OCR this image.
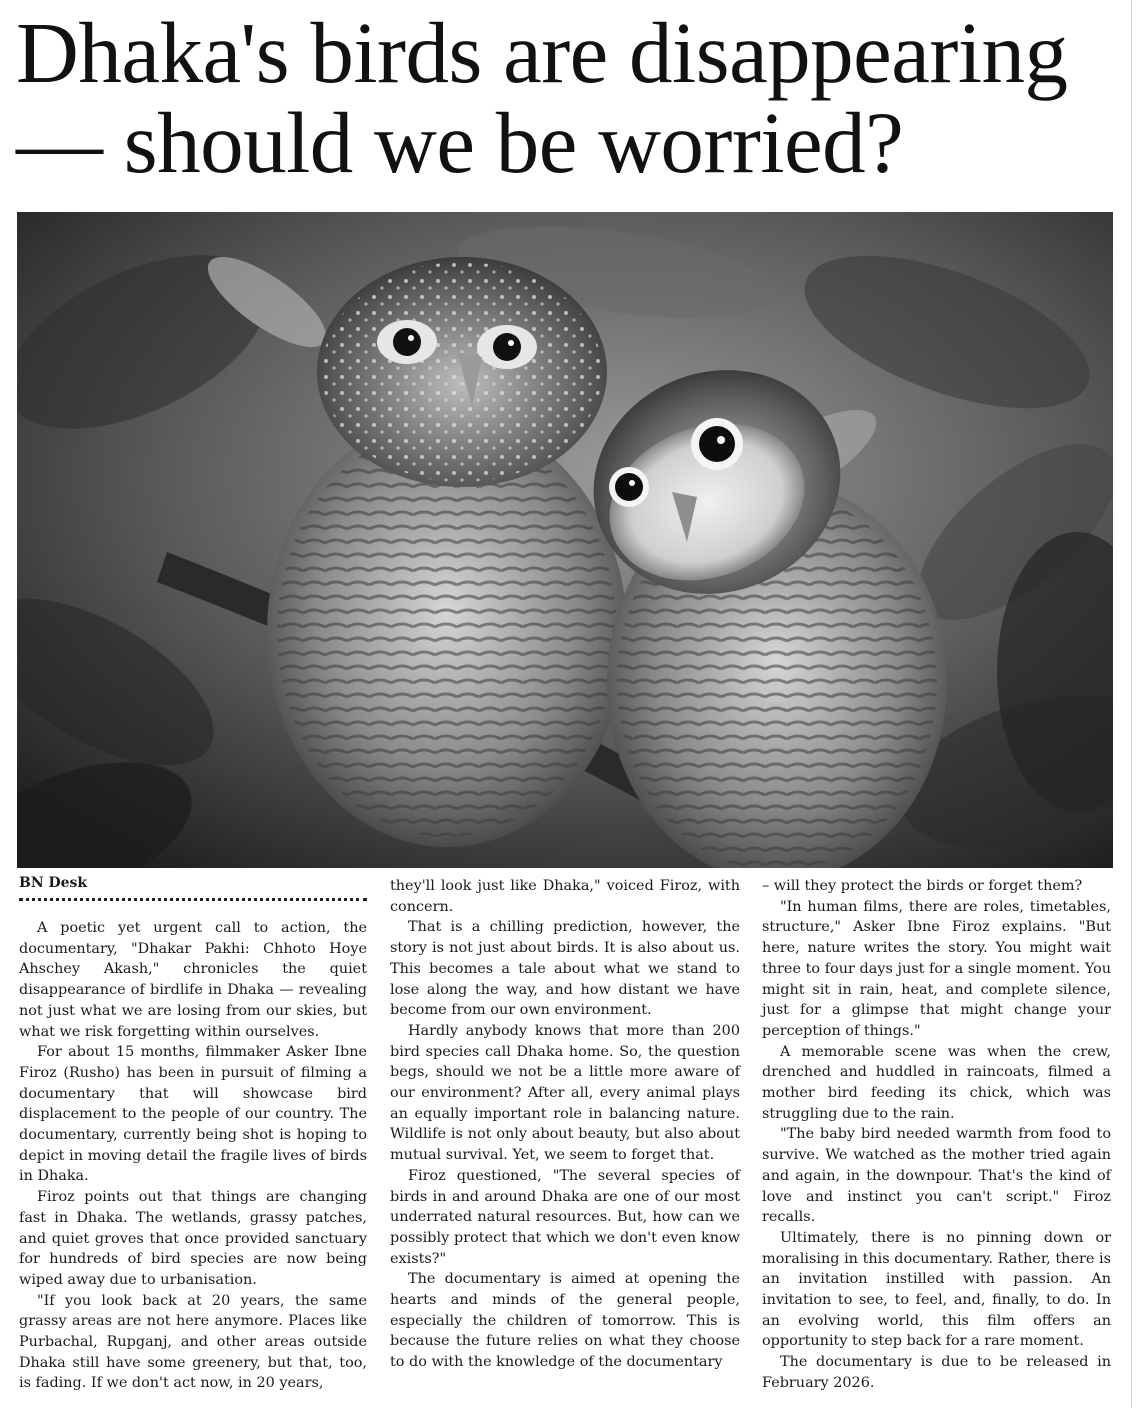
Dhaka's birds are disappearing — should we be worried?
BN Desk

A poetic yet urgent call to action, the documentary, "Dhakar Pakhi: Chhoto Hoye Ahschey Akash," chronicles the quiet disappearance of birdlife in Dhaka — revealing not just what we are losing from our skies, but what we risk forgetting within ourselves.

For about 15 months, filmmaker Asker Ibne Firoz (Rusho) has been in pursuit of filming a documentary that will showcase bird displacement to the people of our country. The documentary, currently being shot is hoping to depict in moving detail the fragile lives of birds in Dhaka.

Firoz points out that things are changing fast in Dhaka. The wetlands, grassy patches, and quiet groves that once provided sanctuary for hundreds of bird species are now being wiped away due to urbanisation.

"If you look back at 20 years, the same grassy areas are not here anymore. Places like Purbachal, Rupganj, and other areas outside Dhaka still have some greenery, but that, too, is fading. If we don't act now, in 20 years,

they'll look just like Dhaka," voiced Firoz, with concern.

That is a chilling prediction, however, the story is not just about birds. It is also about us. This becomes a tale about what we stand to lose along the way, and how distant we have become from our own environment.

Hardly anybody knows that more than 200 bird species call Dhaka home. So, the question begs, should we not be a little more aware of our environment? After all, every animal plays an equally important role in balancing nature. Wildlife is not only about beauty, but also about mutual survival. Yet, we seem to forget that.

Firoz questioned, "The several species of birds in and around Dhaka are one of our most underrated natural resources. But, how can we possibly protect that which we don't even know exists?"

The documentary is aimed at opening the hearts and minds of the general people, especially the children of tomorrow. This is because the future relies on what they choose to do with the knowledge of the documentary

– will they protect the birds or forget them?

"In human films, there are roles, timetables, structure," Asker Ibne Firoz explains. "But here, nature writes the story. You might wait three to four days just for a single moment. You might sit in rain, heat, and complete silence, just for a glimpse that might change your perception of things."

A memorable scene was when the crew, drenched and huddled in raincoats, filmed a mother bird feeding its chick, which was struggling due to the rain.

"The baby bird needed warmth from food to survive. We watched as the mother tried again and again, in the downpour. That's the kind of love and instinct you can't script." Firoz recalls.

Ultimately, there is no pinning down or moralising in this documentary. Rather, there is an invitation instilled with passion. An invitation to see, to feel, and, finally, to do. In an evolving world, this film offers an opportunity to step back for a rare moment.

The documentary is due to be released in February 2026.
